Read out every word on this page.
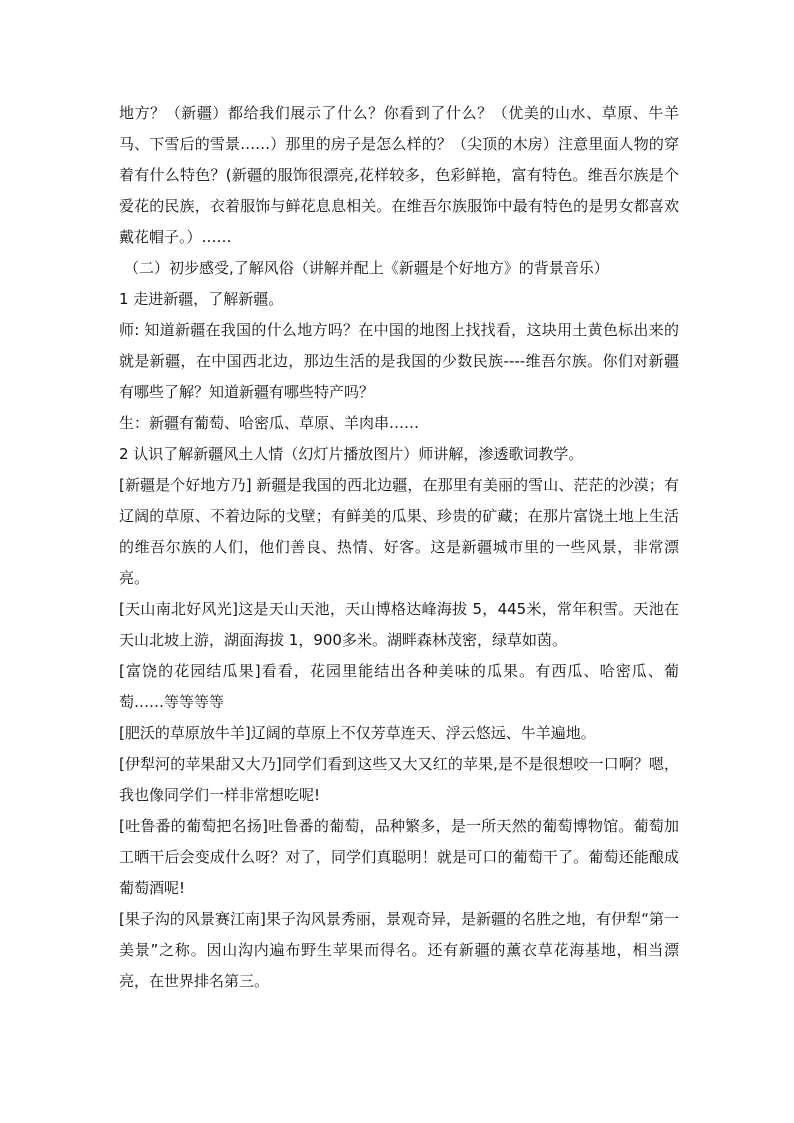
地方？（新疆）都给我们展示了什么？你看到了什么？（优美的山水、草原、牛羊马、下雪后的雪景……）那里的房子是怎么样的？（尖顶的木房）注意里面人物的穿着有什么特色？(新疆的服饰很漂亮,花样较多，色彩鲜艳，富有特色。维吾尔族是个爱花的民族，衣着服饰与鲜花息息相关。在维吾尔族服饰中最有特色的是男女都喜欢戴花帽子。）……

（二）初步感受,了解风俗（讲解并配上《新疆是个好地方》的背景音乐）

1 走进新疆，了解新疆。

师: 知道新疆在我国的什么地方吗？在中国的地图上找找看，这块用土黄色标出来的就是新疆，在中国西北边，那边生活的是我国的少数民族----维吾尔族。你们对新疆有哪些了解？知道新疆有哪些特产吗？

生：新疆有葡萄、哈密瓜、草原、羊肉串……

2 认识了解新疆风土人情（幻灯片播放图片）师讲解，渗透歌词教学。

[新疆是个好地方乃] 新疆是我国的西北边疆，在那里有美丽的雪山、茫茫的沙漠；有辽阔的草原、不着边际的戈壁；有鲜美的瓜果、珍贵的矿藏；在那片富饶土地上生活的维吾尔族的人们，他们善良、热情、好客。这是新疆城市里的一些风景，非常漂亮。

[天山南北好风光]这是天山天池，天山博格达峰海拔 5，445米，常年积雪。天池在天山北坡上游，湖面海拔 1，900多米。湖畔森林茂密，绿草如茵。

[富饶的花园结瓜果]看看，花园里能结出各种美味的瓜果。有西瓜、哈密瓜、葡萄……等等等等

[肥沃的草原放牛羊]辽阔的草原上不仅芳草连天、浮云悠远、牛羊遍地。

[伊犁河的苹果甜又大乃]同学们看到这些又大又红的苹果,是不是很想咬一口啊？嗯，我也像同学们一样非常想吃呢!

[吐鲁番的葡萄把名扬]吐鲁番的葡萄，品种繁多，是一所天然的葡萄博物馆。葡萄加工晒干后会变成什么呀？对了，同学们真聪明！就是可口的葡萄干了。葡萄还能酿成葡萄酒呢!

[果子沟的风景赛江南]果子沟风景秀丽，景观奇异，是新疆的名胜之地，有伊犁“第一美景”之称。因山沟内遍布野生苹果而得名。还有新疆的薰衣草花海基地，相当漂亮，在世界排名第三。
